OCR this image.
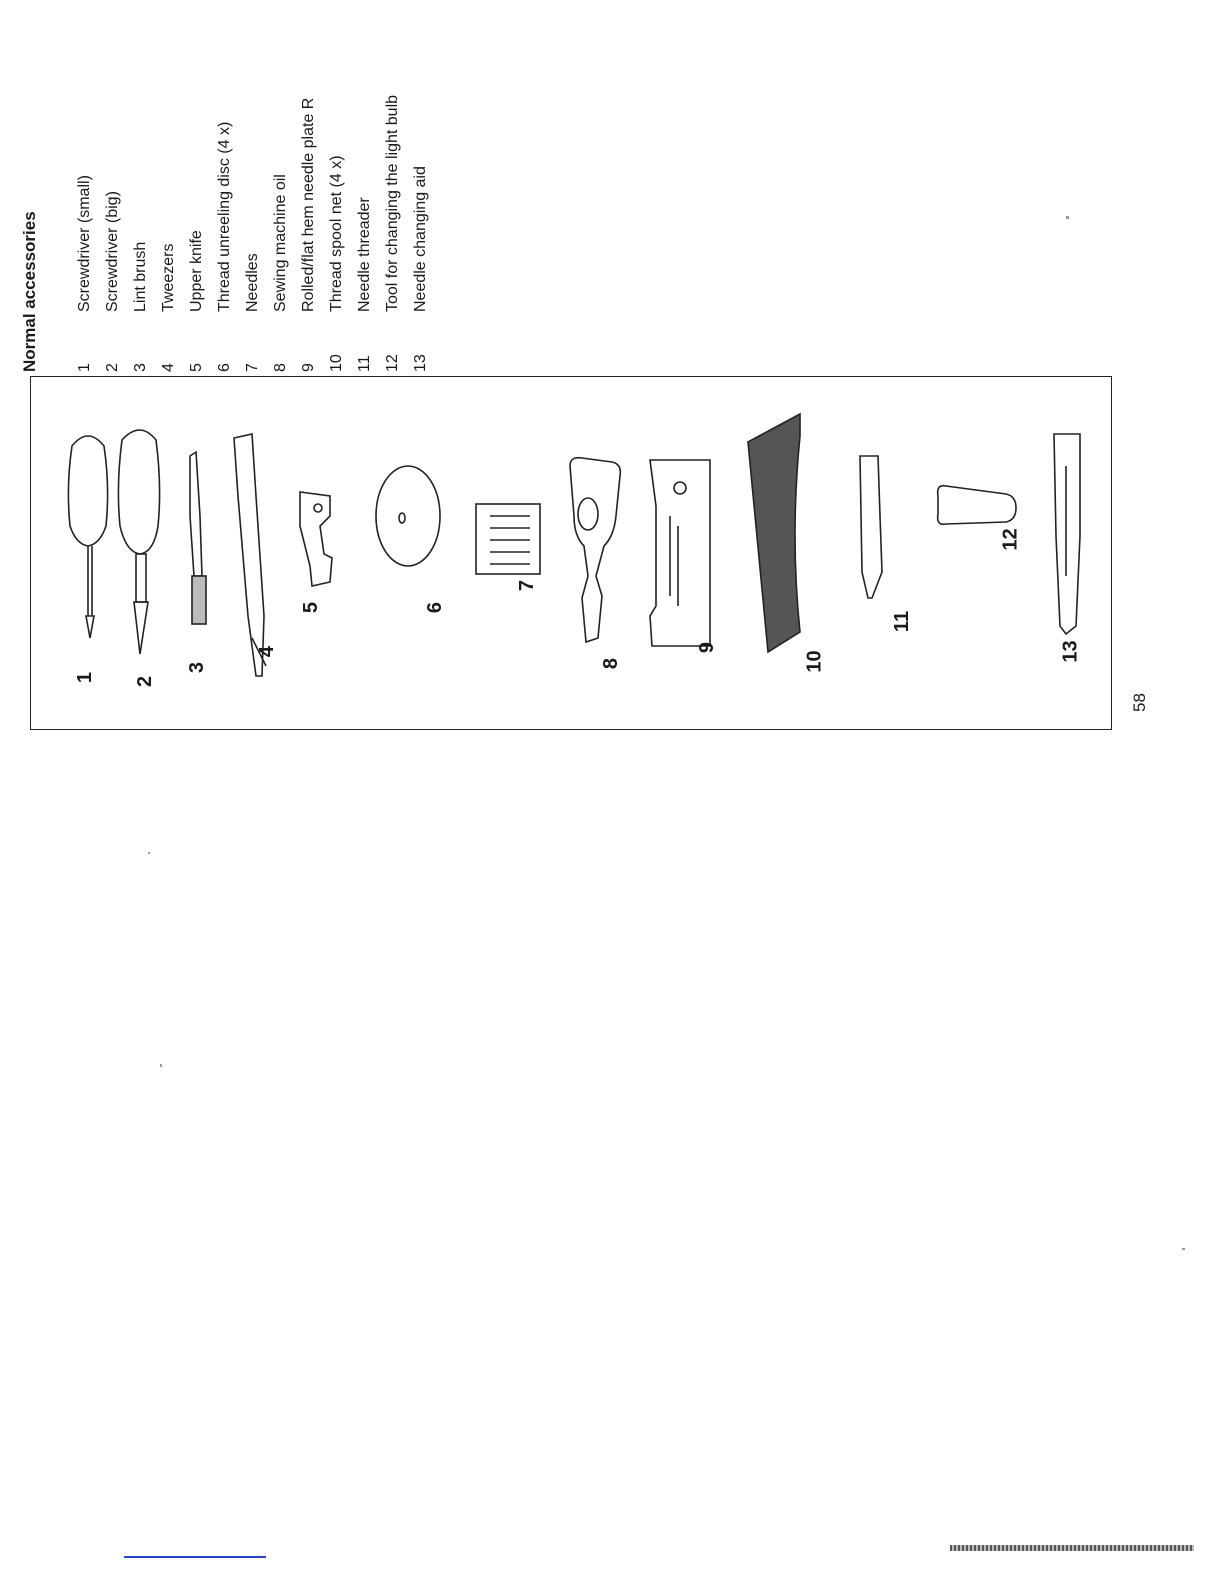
Normal accessories 1Screwdriver (small)
2Screwdriver (big)
3Lint brush
4Tweezers
5Upper knife
6Thread unreeling disc (4 x)
7Needles
8Sewing machine oil
9Rolled/flat hem needle plate R
10Thread spool net (4 x)
11Needle threader
12Tool for changing the light bulb
13Needle changing aid
1 2
3
4
5	6
7
8
9
10
11
12
13
58
